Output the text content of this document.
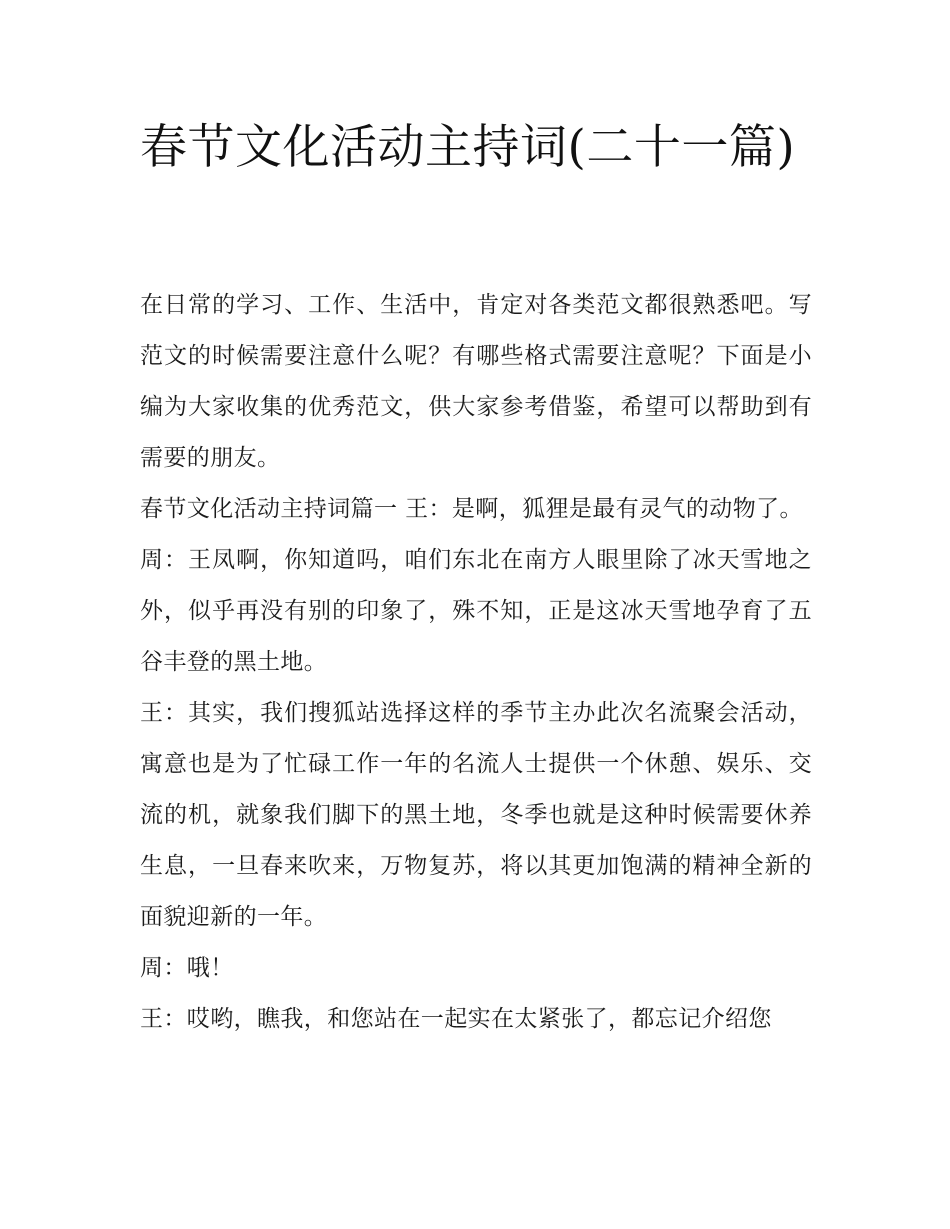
春节文化活动主持词(二十一篇)

在日常的学习、工作、生活中，肯定对各类范文都很熟悉吧。写范文的时候需要注意什么呢？有哪些格式需要注意呢？下面是小编为大家收集的优秀范文，供大家参考借鉴，希望可以帮助到有需要的朋友。

春节文化活动主持词篇一 王：是啊，狐狸是最有灵气的动物了。

周：王凤啊，你知道吗，咱们东北在南方人眼里除了冰天雪地之外，似乎再没有别的印象了，殊不知，正是这冰天雪地孕育了五谷丰登的黑土地。

王：其实，我们搜狐站选择这样的季节主办此次名流聚会活动，寓意也是为了忙碌工作一年的名流人士提供一个休憩、娱乐、交流的机，就象我们脚下的黑土地，冬季也就是这种时候需要休养生息，一旦春来吹来，万物复苏，将以其更加饱满的精神全新的面貌迎新的一年。

周：哦！

王：哎哟，瞧我，和您站在一起实在太紧张了，都忘记介绍您
